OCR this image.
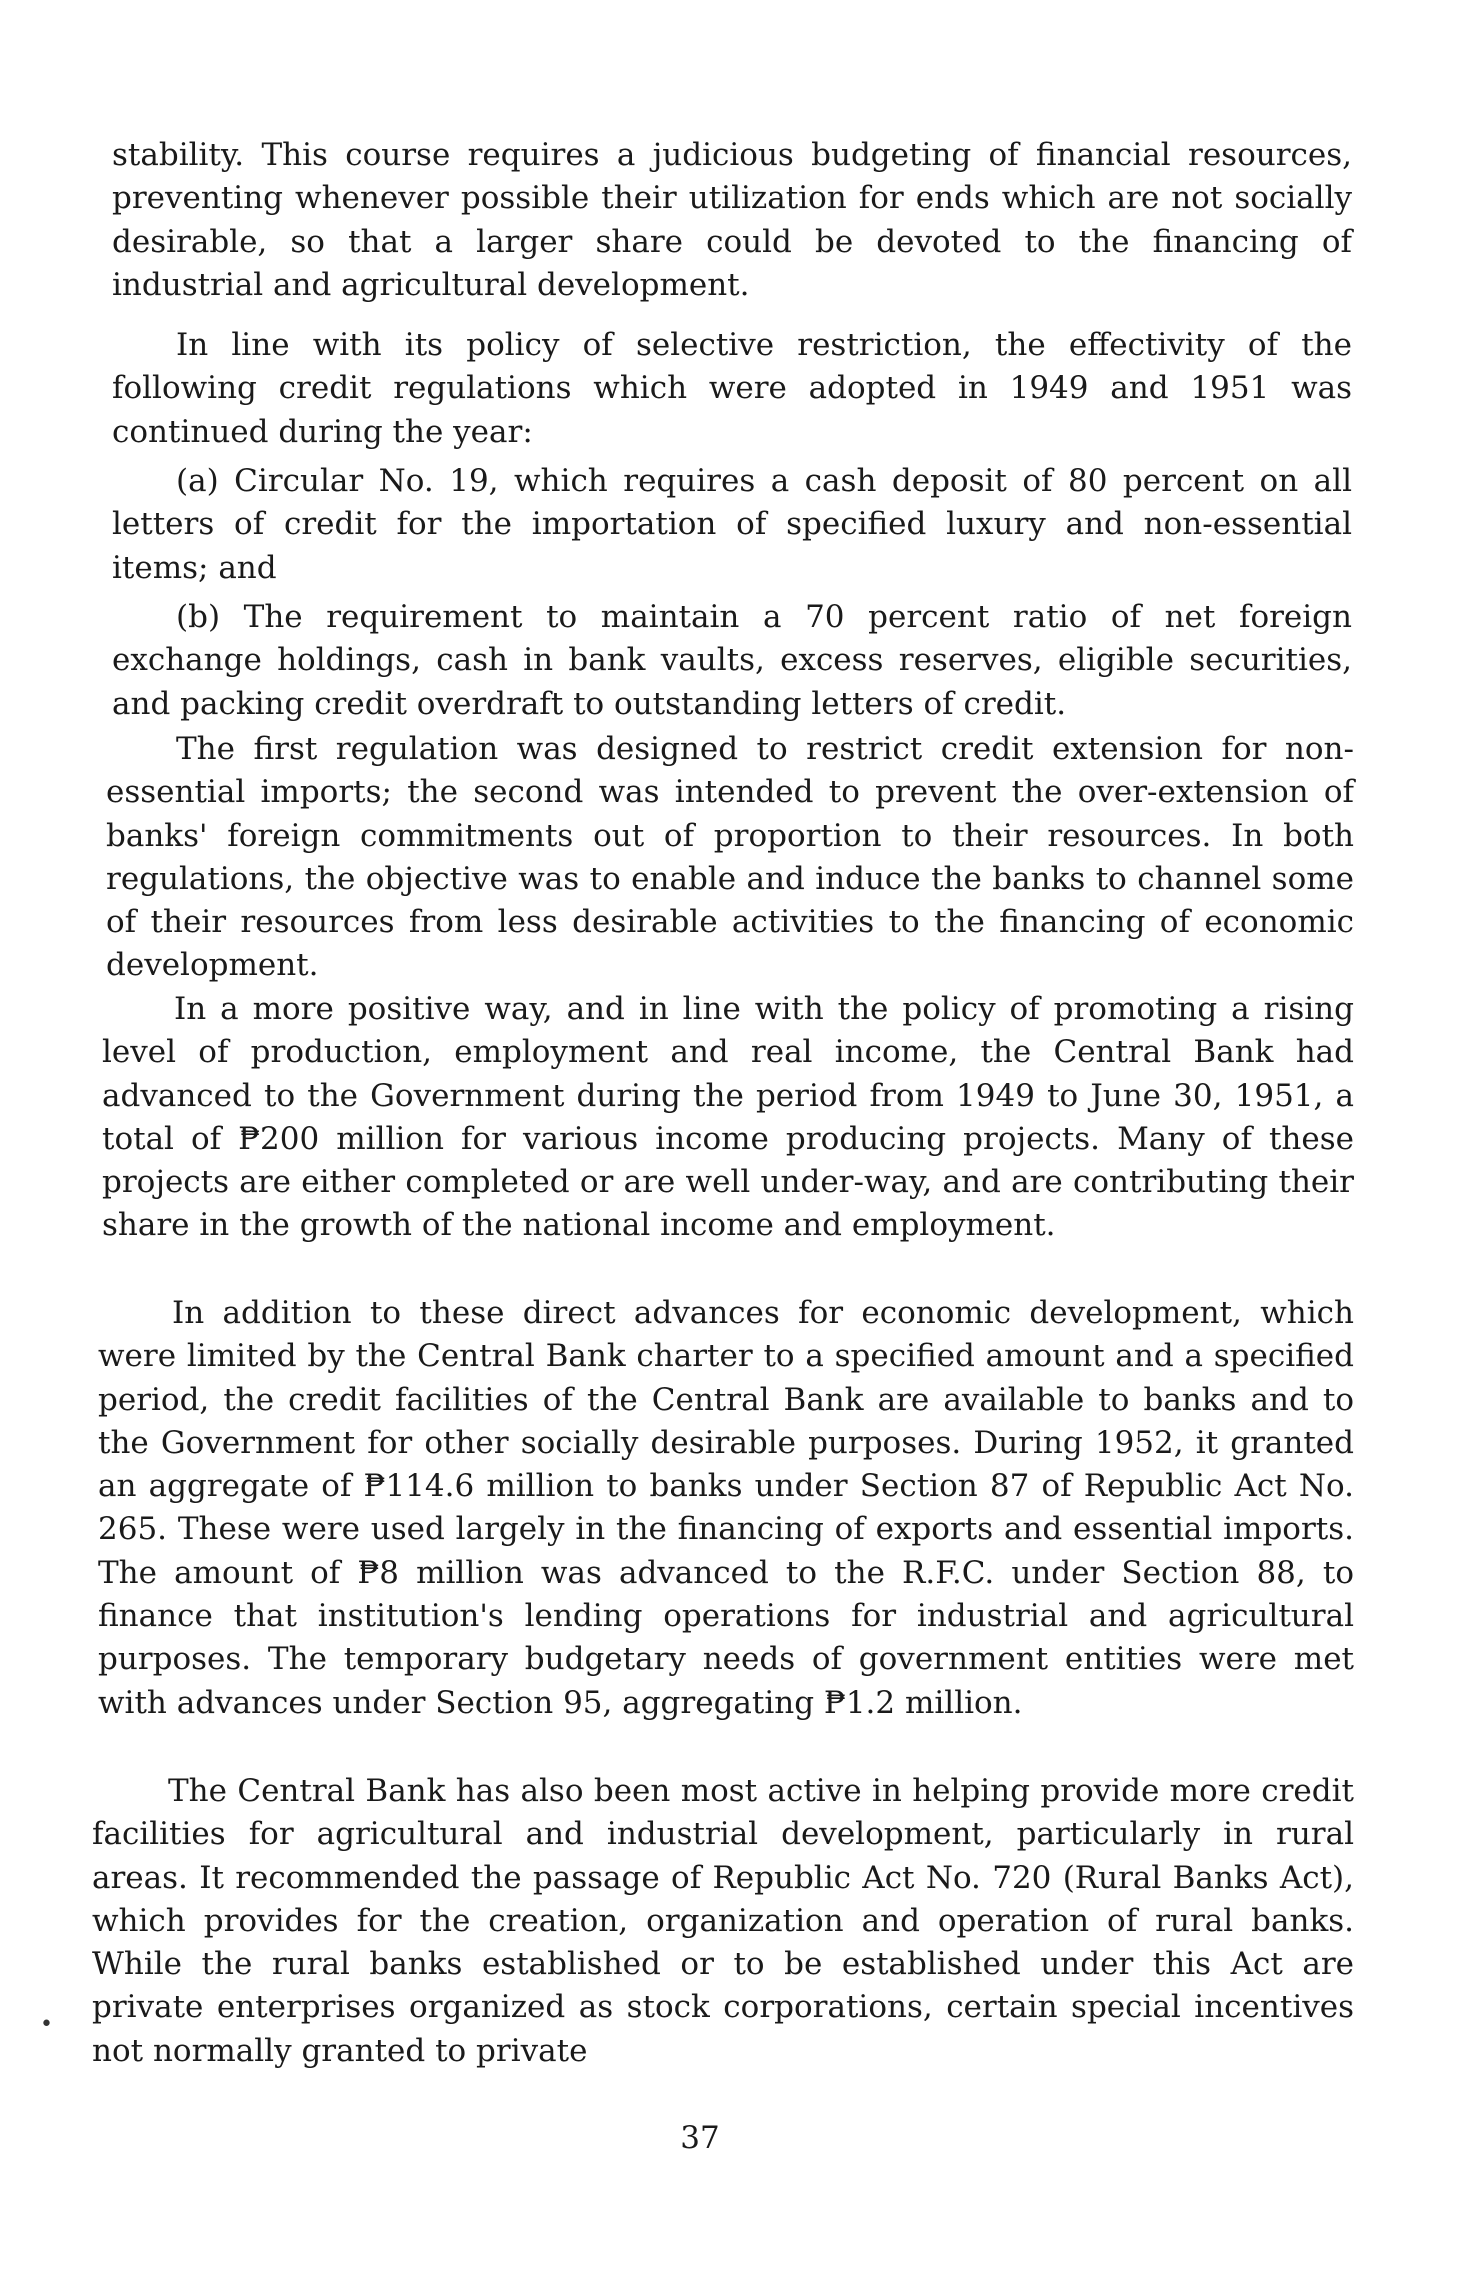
stability. This course requires a judicious budgeting of financial resources, preventing whenever possible their utilization for ends which are not socially desirable, so that a larger share could be devoted to the financing of industrial and agricultural development.

In line with its policy of selective restriction, the effectivity of the following credit regulations which were adopted in 1949 and 1951 was continued during the year:

(a) Circular No. 19, which requires a cash deposit of 80 percent on all letters of credit for the importation of specified luxury and non-essential items; and

(b) The requirement to maintain a 70 percent ratio of net foreign exchange holdings, cash in bank vaults, excess reserves, eligible securities, and packing credit overdraft to outstanding letters of credit.

The first regulation was designed to restrict credit extension for non-essential imports; the second was intended to prevent the over-extension of banks' foreign commitments out of proportion to their resources. In both regulations, the objective was to enable and induce the banks to channel some of their resources from less desirable activities to the financing of economic development.

In a more positive way, and in line with the policy of promoting a rising level of production, employment and real income, the Central Bank had advanced to the Government during the period from 1949 to June 30, 1951, a total of ₱200 million for various income producing projects. Many of these projects are either completed or are well under-way, and are contributing their share in the growth of the national income and employment.

In addition to these direct advances for economic development, which were limited by the Central Bank charter to a specified amount and a specified period, the credit facilities of the Central Bank are available to banks and to the Government for other socially desirable purposes. During 1952, it granted an aggregate of ₱114.6 million to banks under Section 87 of Republic Act No. 265. These were used largely in the financing of exports and essential imports. The amount of ₱8 million was advanced to the R.F.C. under Section 88, to finance that institution's lending operations for industrial and agricultural purposes. The temporary budgetary needs of government entities were met with advances under Section 95, aggregating ₱1.2 million.

The Central Bank has also been most active in helping provide more credit facilities for agricultural and industrial development, particularly in rural areas. It recommended the passage of Republic Act No. 720 (Rural Banks Act), which provides for the creation, organization and operation of rural banks. While the rural banks established or to be established under this Act are private enterprises organized as stock corporations, certain special incentives not normally granted to private

•
37
